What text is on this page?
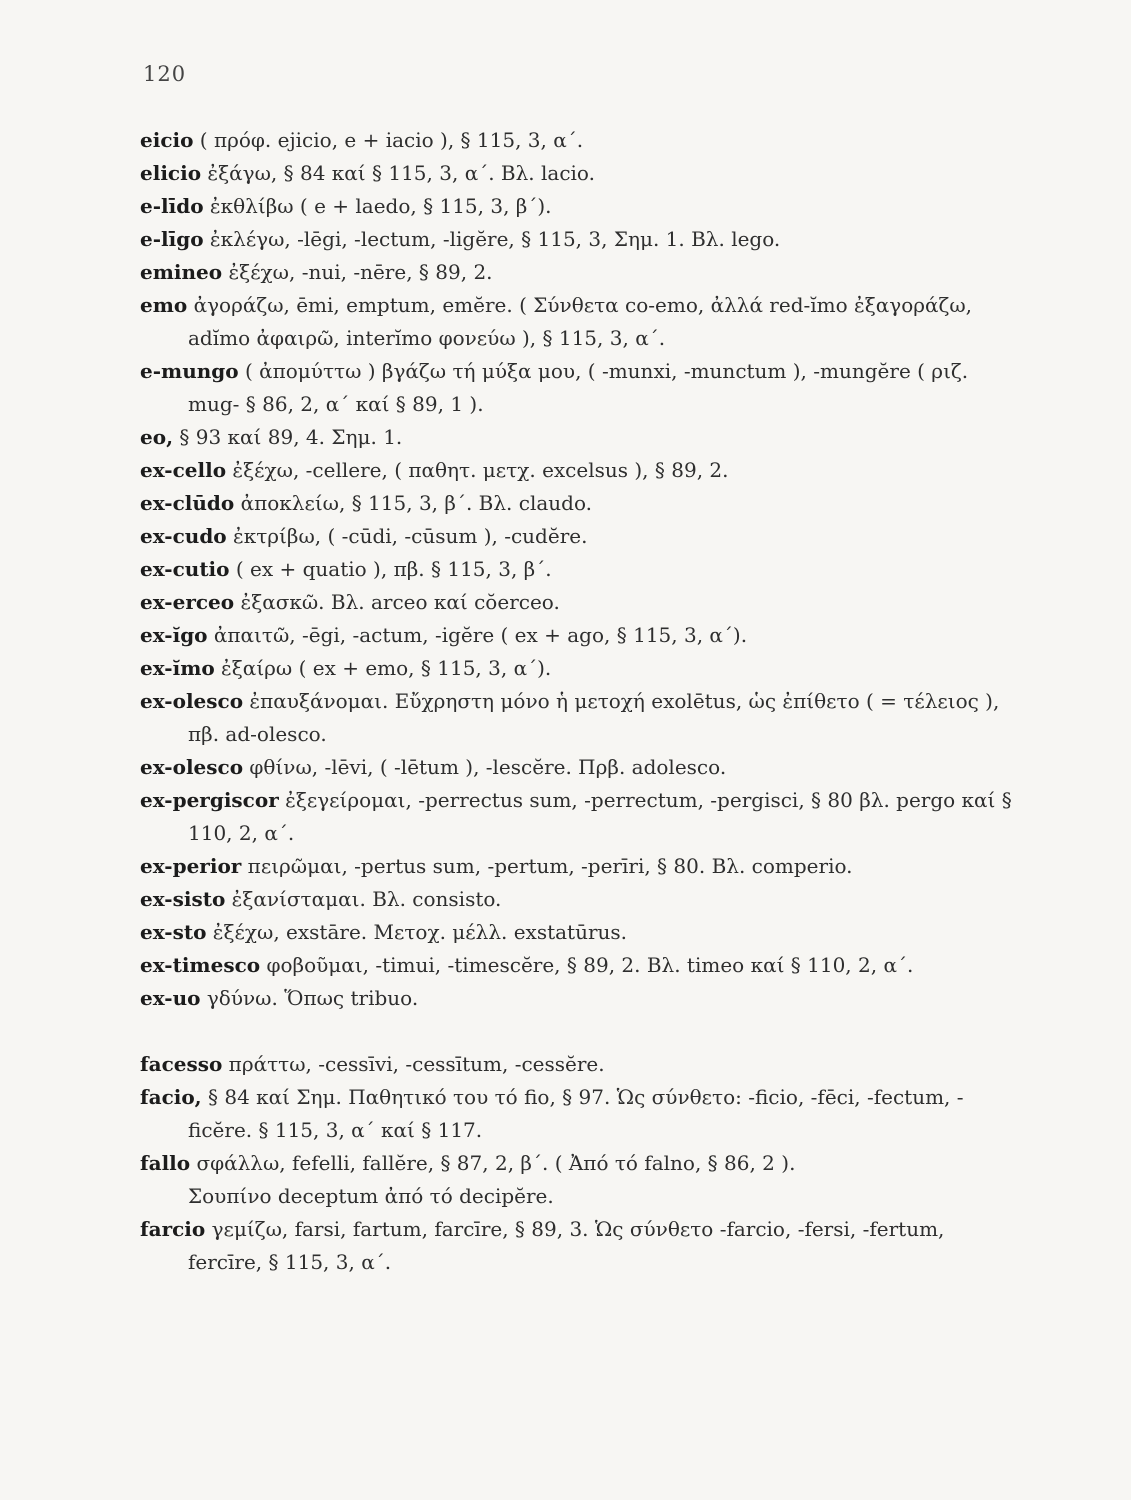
120
eicio ( πρόφ. ejicio, e + iacio ), § 115, 3, α΄.
elicio ἐξάγω, § 84 καί § 115, 3, α΄. Βλ. lacio.
e-līdo ἐκθλίβω ( e + laedo, § 115, 3, β΄).
e-līgo ἐκλέγω, -lēgi, -lectum, -ligĕre, § 115, 3, Σημ. 1. Βλ. lego.
emineo ἐξέχω, -nui, -nēre, § 89, 2.
emo ἀγοράζω, ēmi, emptum, emĕre. ( Σύνθετα co-emo, ἀλλά red-ĭmo ἐξαγοράζω, adĭmo ἀφαιρῶ, interĭmo φονεύω ), § 115, 3, α΄.
e-mungo ( ἀπομύττω ) βγάζω τή μύξα μου, ( -munxi, -munctum ), -mungĕre ( ριζ. mug- § 86, 2, α΄ καί § 89, 1 ).
eo, § 93 καί 89, 4. Σημ. 1.
ex-cello ἐξέχω, -cellere, ( παθητ. μετχ. excelsus ), § 89, 2.
ex-clūdo ἀποκλείω, § 115, 3, β΄. Βλ. claudo.
ex-cudo ἐκτρίβω, ( -cūdi, -cūsum ), -cudĕre.
ex-cutio ( ex + quatio ), πβ. § 115, 3, β΄.
ex-erceo ἐξασκῶ. Βλ. arceo καί cŏerceo.
ex-ĭgo ἀπαιτῶ, -ēgi, -actum, -igĕre ( ex + ago, § 115, 3, α΄).
ex-ĭmo ἐξαίρω ( ex + emo, § 115, 3, α΄).
ex-olesco ἐπαυξάνομαι. Εὔχρηστη μόνο ἡ μετοχή exolētus, ὡς ἐπίθετο ( = τέλειος ), πβ. ad-olesco.
ex-olesco φθίνω, -lēvi, ( -lētum ), -lescĕre. Πρβ. adolesco.
ex-pergiscor ἐξεγείρομαι, -perrectus sum, -perrectum, -pergisci, § 80 βλ. pergo καί § 110, 2, α΄.
ex-perior πειρῶμαι, -pertus sum, -pertum, -perīri, § 80. Βλ. comperio.
ex-sisto ἐξανίσταμαι. Βλ. consisto.
ex-sto ἐξέχω, exstāre. Μετοχ. μέλλ. exstatūrus.
ex-timesco φοβοῦμαι, -timui, -timescĕre, § 89, 2. Βλ. timeo καί § 110, 2, α΄.
ex-uo γδύνω. Ὅπως tribuo.
facesso πράττω, -cessīvi, -cessītum, -cessĕre.
facio, § 84 καί Σημ. Παθητικό του τό fio, § 97. Ὡς σύνθετο: -ficio, -fēci, -fectum, -ficĕre. § 115, 3, α΄ καί § 117.
fallo σφάλλω, fefelli, fallĕre, § 87, 2, β΄. ( Ἀπό τό falno, § 86, 2 ).
Σουπίνο deceptum ἀπό τό decipĕre.
farcio γεμίζω, farsi, fartum, farcīre, § 89, 3. Ὡς σύνθετο -farcio, -fersi, -fertum, fercīre, § 115, 3, α΄.
